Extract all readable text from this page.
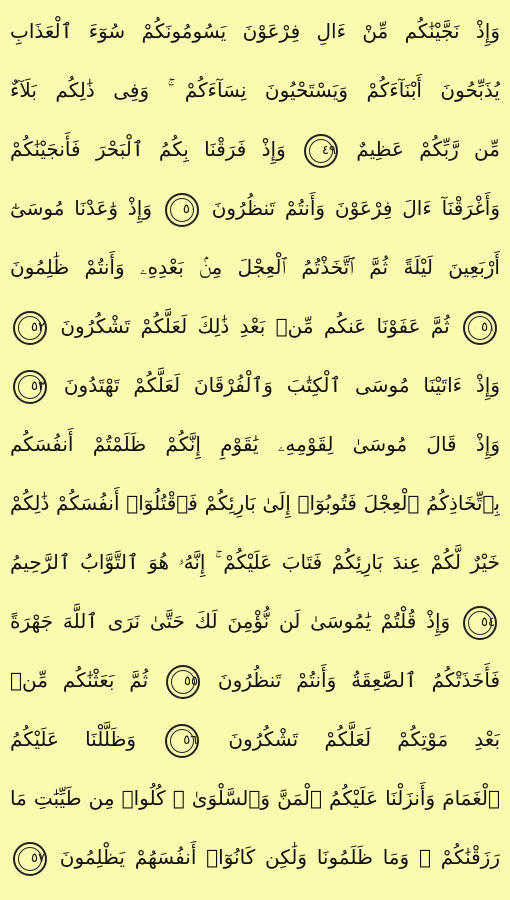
وَإِذْ نَجَّيْنَٰكُم مِّنْ ءَالِ فِرْعَوْنَ يَسُومُونَكُمْ سُوٓءَ ٱلْعَذَابِ
يُذَبِّحُونَ أَبْنَآءَكُمْ وَيَسْتَحْيُونَ نِسَآءَكُمْ ۚ وَفِى ذَٰلِكُم بَلَآءٌ
مِّن رَّبِّكُمْ عَظِيمٌ ٤٩ وَإِذْ فَرَقْنَا بِكُمُ ٱلْبَحْرَ فَأَنجَيْنَٰكُمْ
وَأَغْرَقْنَآ ءَالَ فِرْعَوْنَ وَأَنتُمْ تَنظُرُونَ ٥٠ وَإِذْ وَٰعَدْنَا مُوسَىٰٓ
أَرْبَعِينَ لَيْلَةً ثُمَّ ٱتَّخَذْتُمُ ٱلْعِجْلَ مِنۢ بَعْدِهِۦ وَأَنتُمْ ظَٰلِمُونَ
٥١ ثُمَّ عَفَوْنَا عَنكُم مِّنۢ بَعْدِ ذَٰلِكَ لَعَلَّكُمْ تَشْكُرُونَ ٥٢
وَإِذْ ءَاتَيْنَا مُوسَى ٱلْكِتَٰبَ وَٱلْفُرْقَانَ لَعَلَّكُمْ تَهْتَدُونَ ٥٣
وَإِذْ قَالَ مُوسَىٰ لِقَوْمِهِۦ يَٰقَوْمِ إِنَّكُمْ ظَلَمْتُمْ أَنفُسَكُم
بِٱتِّخَاذِكُمُ ٱلْعِجْلَ فَتُوبُوٓا۟ إِلَىٰ بَارِئِكُمْ فَٱقْتُلُوٓا۟ أَنفُسَكُمْ ذَٰلِكُمْ
خَيْرٌ لَّكُمْ عِندَ بَارِئِكُمْ فَتَابَ عَلَيْكُمْ ۚ إِنَّهُۥ هُوَ ٱلتَّوَّابُ ٱلرَّحِيمُ
٥٤ وَإِذْ قُلْتُمْ يَٰمُوسَىٰ لَن نُّؤْمِنَ لَكَ حَتَّىٰ نَرَى ٱللَّهَ جَهْرَةً
فَأَخَذَتْكُمُ ٱلصَّٰعِقَةُ وَأَنتُمْ تَنظُرُونَ ٥٥ ثُمَّ بَعَثْنَٰكُم مِّنۢ
بَعْدِ مَوْتِكُمْ لَعَلَّكُمْ تَشْكُرُونَ ٥٦ وَظَلَّلْنَا عَلَيْكُمُ
ٱلْغَمَامَ وَأَنزَلْنَا عَلَيْكُمُ ٱلْمَنَّ وَٱلسَّلْوَىٰ ۖ كُلُوا۟ مِن طَيِّبَٰتِ مَا
رَزَقْنَٰكُمْ ۖ وَمَا ظَلَمُونَا وَلَٰكِن كَانُوٓا۟ أَنفُسَهُمْ يَظْلِمُونَ ٥٧
